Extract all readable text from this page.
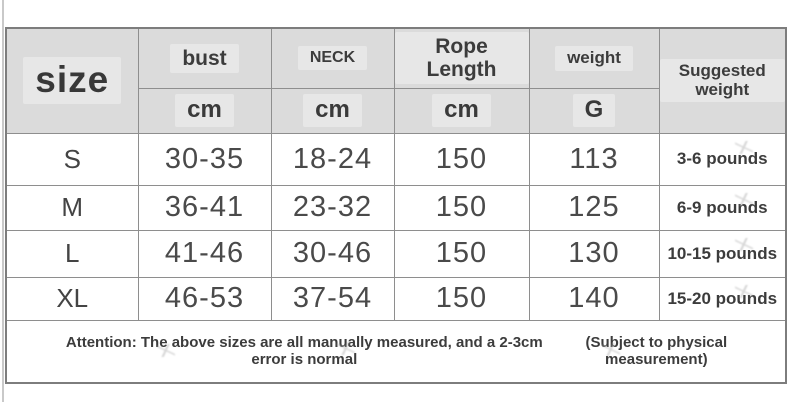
size	bust	NECK	Rope Length	weight	Suggested weight
	cm	cm	cm	G	
S	30-35	18-24	150	113	3-6 pounds
M	36-41	23-32	150	125	6-9 pounds
L	41-46	30-46	150	130	10-15 pounds
XL	46-53	37-54	150	140	15-20 pounds

Attention: The above sizes are all manually measured, and a 2-3cm error is normal
(Subject to physical measurement)					
